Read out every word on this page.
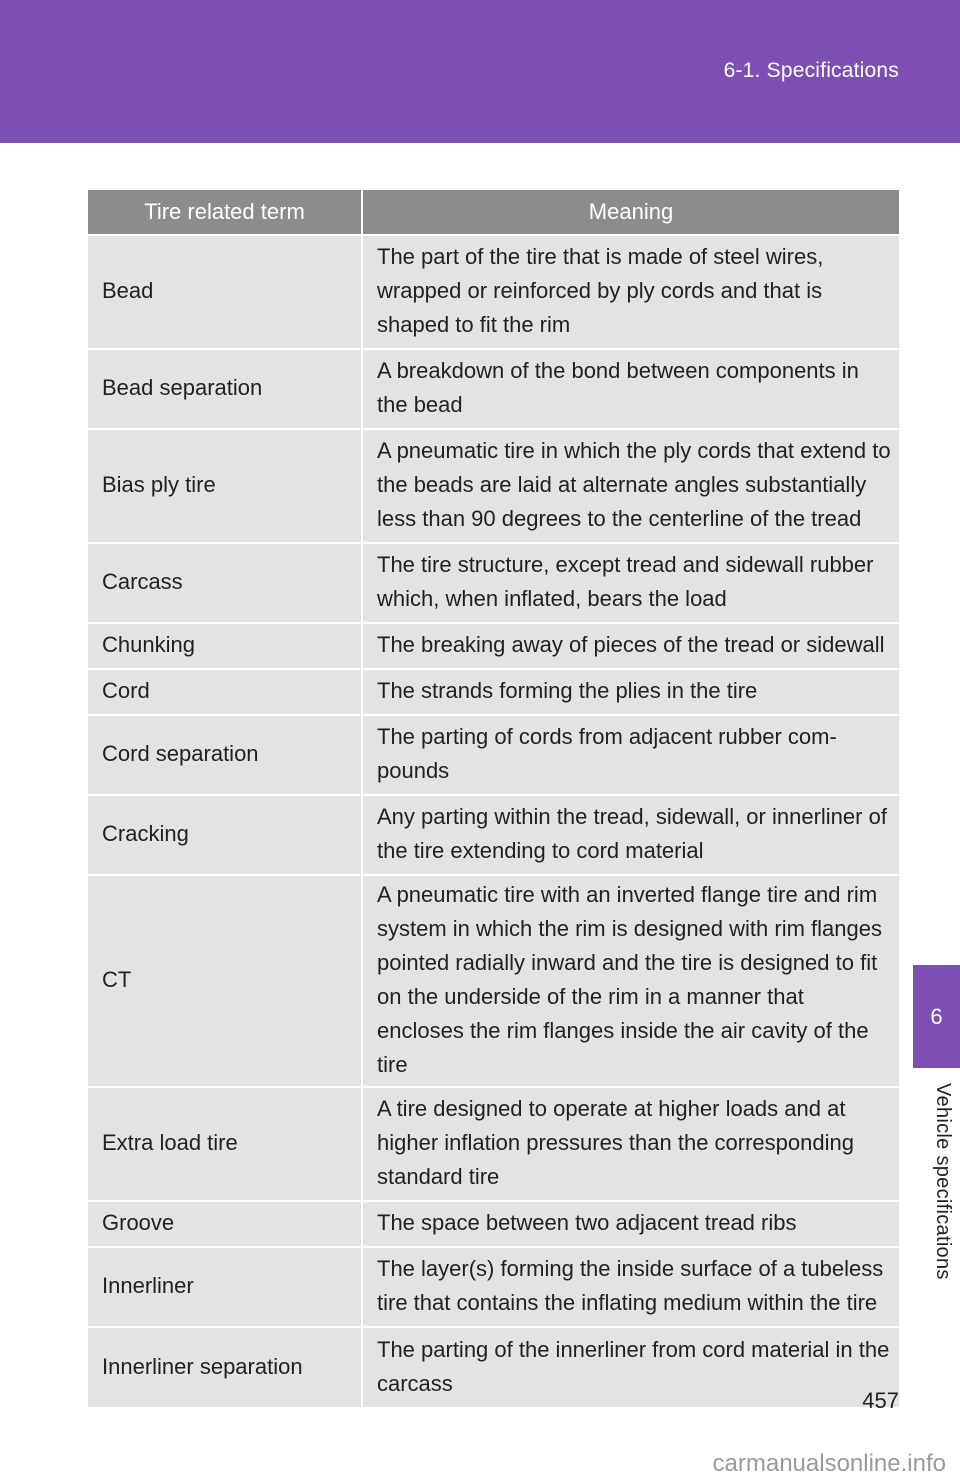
6-1. Specifications
6
Vehicle specifications
Tire related term	Meaning
Bead	The part of the tire that is made of steel wires, wrapped or reinforced by ply cords and that is shaped to fit the rim
Bead separation	A breakdown of the bond between components in the bead
Bias ply tire	A pneumatic tire in which the ply cords that extend to the beads are laid at alternate angles substantially less than 90 degrees to the centerline of the tread
Carcass	The tire structure, except tread and sidewall rubber which, when inflated, bears the load
Chunking	The breaking away of pieces of the tread or sidewall
Cord	The strands forming the plies in the tire
Cord separation	The parting of cords from adjacent rubber com-pounds
Cracking	Any parting within the tread, sidewall, or innerliner of the tire extending to cord material
CT	A pneumatic tire with an inverted flange tire and rim system in which the rim is designed with rim flanges pointed radially inward and the tire is designed to fit on the underside of the rim in a manner that encloses the rim flanges inside the air cavity of the tire
Extra load tire	A tire designed to operate at higher loads and at higher inflation pressures than the corresponding standard tire
Groove	The space between two adjacent tread ribs
Innerliner	The layer(s) forming the inside surface of a tubeless tire that contains the inflating medium within the tire
Innerliner separation	The parting of the innerliner from cord material in the carcass
457
carmanualsonline.info
